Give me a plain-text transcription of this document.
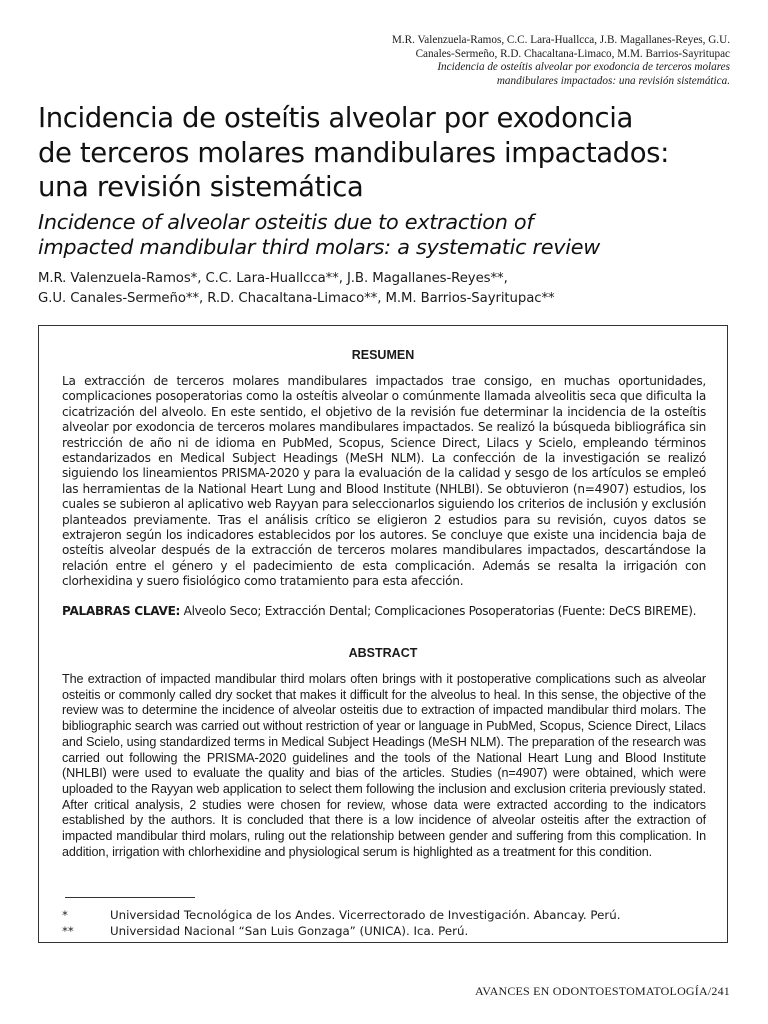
M.R. Valenzuela-Ramos, C.C. Lara-Huallcca, J.B. Magallanes-Reyes, G.U.
Canales-Sermeño, R.D. Chacaltana-Limaco, M.M. Barrios-Sayritupac
Incidencia de osteítis alveolar por exodoncia de terceros molares
mandibulares impactados: una revisión sistemática.
Incidencia de osteítis alveolar por exodoncia
de terceros molares mandibulares impactados:
una revisión sistemática
Incidence of alveolar osteitis due to extraction of
impacted mandibular third molars: a systematic review
M.R. Valenzuela-Ramos*, C.C. Lara-Huallcca**, J.B. Magallanes-Reyes**,
G.U. Canales-Sermeño**, R.D. Chacaltana-Limaco**, M.M. Barrios-Sayritupac**
RESUMEN

La extracción de terceros molares mandibulares impactados trae consigo, en muchas oportunidades, complicaciones posoperatorias como la osteítis alveolar o comúnmente llamada alveolitis seca que dificulta la cicatrización del alveolo. En este sentido, el objetivo de la revisión fue determinar la incidencia de la osteítis alveolar por exodoncia de terceros molares mandibulares impactados. Se realizó la búsqueda bibliográfica sin restricción de año ni de idioma en PubMed, Scopus, Science Direct, Lilacs y Scielo, empleando términos estandarizados en Medical Subject Headings (MeSH NLM). La confección de la investigación se realizó siguiendo los lineamientos PRISMA-2020 y para la evaluación de la calidad y sesgo de los artículos se empleó las herramientas de la National Heart Lung and Blood Institute (NHLBI). Se obtuvieron (n=4907) estudios, los cuales se subieron al aplicativo web Rayyan para seleccionarlos siguiendo los criterios de inclusión y exclusión planteados previamente. Tras el análisis crítico se eligieron 2 estudios para su revisión, cuyos datos se extrajeron según los indicadores establecidos por los autores. Se concluye que existe una incidencia baja de osteítis alveolar después de la extracción de terceros molares mandibulares impactados, descartándose la relación entre el género y el padecimiento de esta complicación. Además se resalta la irrigación con clorhexidina y suero fisiológico como tratamiento para esta afección.

PALABRAS CLAVE: Alveolo Seco; Extracción Dental; Complicaciones Posoperatorias (Fuente: DeCS BIREME).

ABSTRACT

The extraction of impacted mandibular third molars often brings with it postoperative complications such as alveolar osteitis or commonly called dry socket that makes it difficult for the alveolus to heal. In this sense, the objective of the review was to determine the incidence of alveolar osteitis due to extraction of impacted mandibular third molars. The bibliographic search was carried out without restriction of year or language in PubMed, Scopus, Science Direct, Lilacs and Scielo, using standardized terms in Medical Subject Headings (MeSH NLM). The preparation of the research was carried out following the PRISMA-2020 guidelines and the tools of the National Heart Lung and Blood Institute (NHLBI) were used to evaluate the quality and bias of the articles. Studies (n=4907) were obtained, which were uploaded to the Rayyan web application to select them following the inclusion and exclusion criteria previously stated. After critical analysis, 2 studies were chosen for review, whose data were extracted according to the indicators established by the authors. It is concluded that there is a low incidence of alveolar osteitis after the extraction of impacted mandibular third molars, ruling out the relationship between gender and suffering from this complication. In addition, irrigation with chlorhexidine and physiological serum is highlighted as a treatment for this condition.

*	Universidad Tecnológica de los Andes. Vicerrectorado de Investigación. Abancay. Perú.
**	Universidad Nacional “San Luis Gonzaga” (UNICA). Ica. Perú.
AVANCES EN ODONTOESTOMATOLOGÍA/241
